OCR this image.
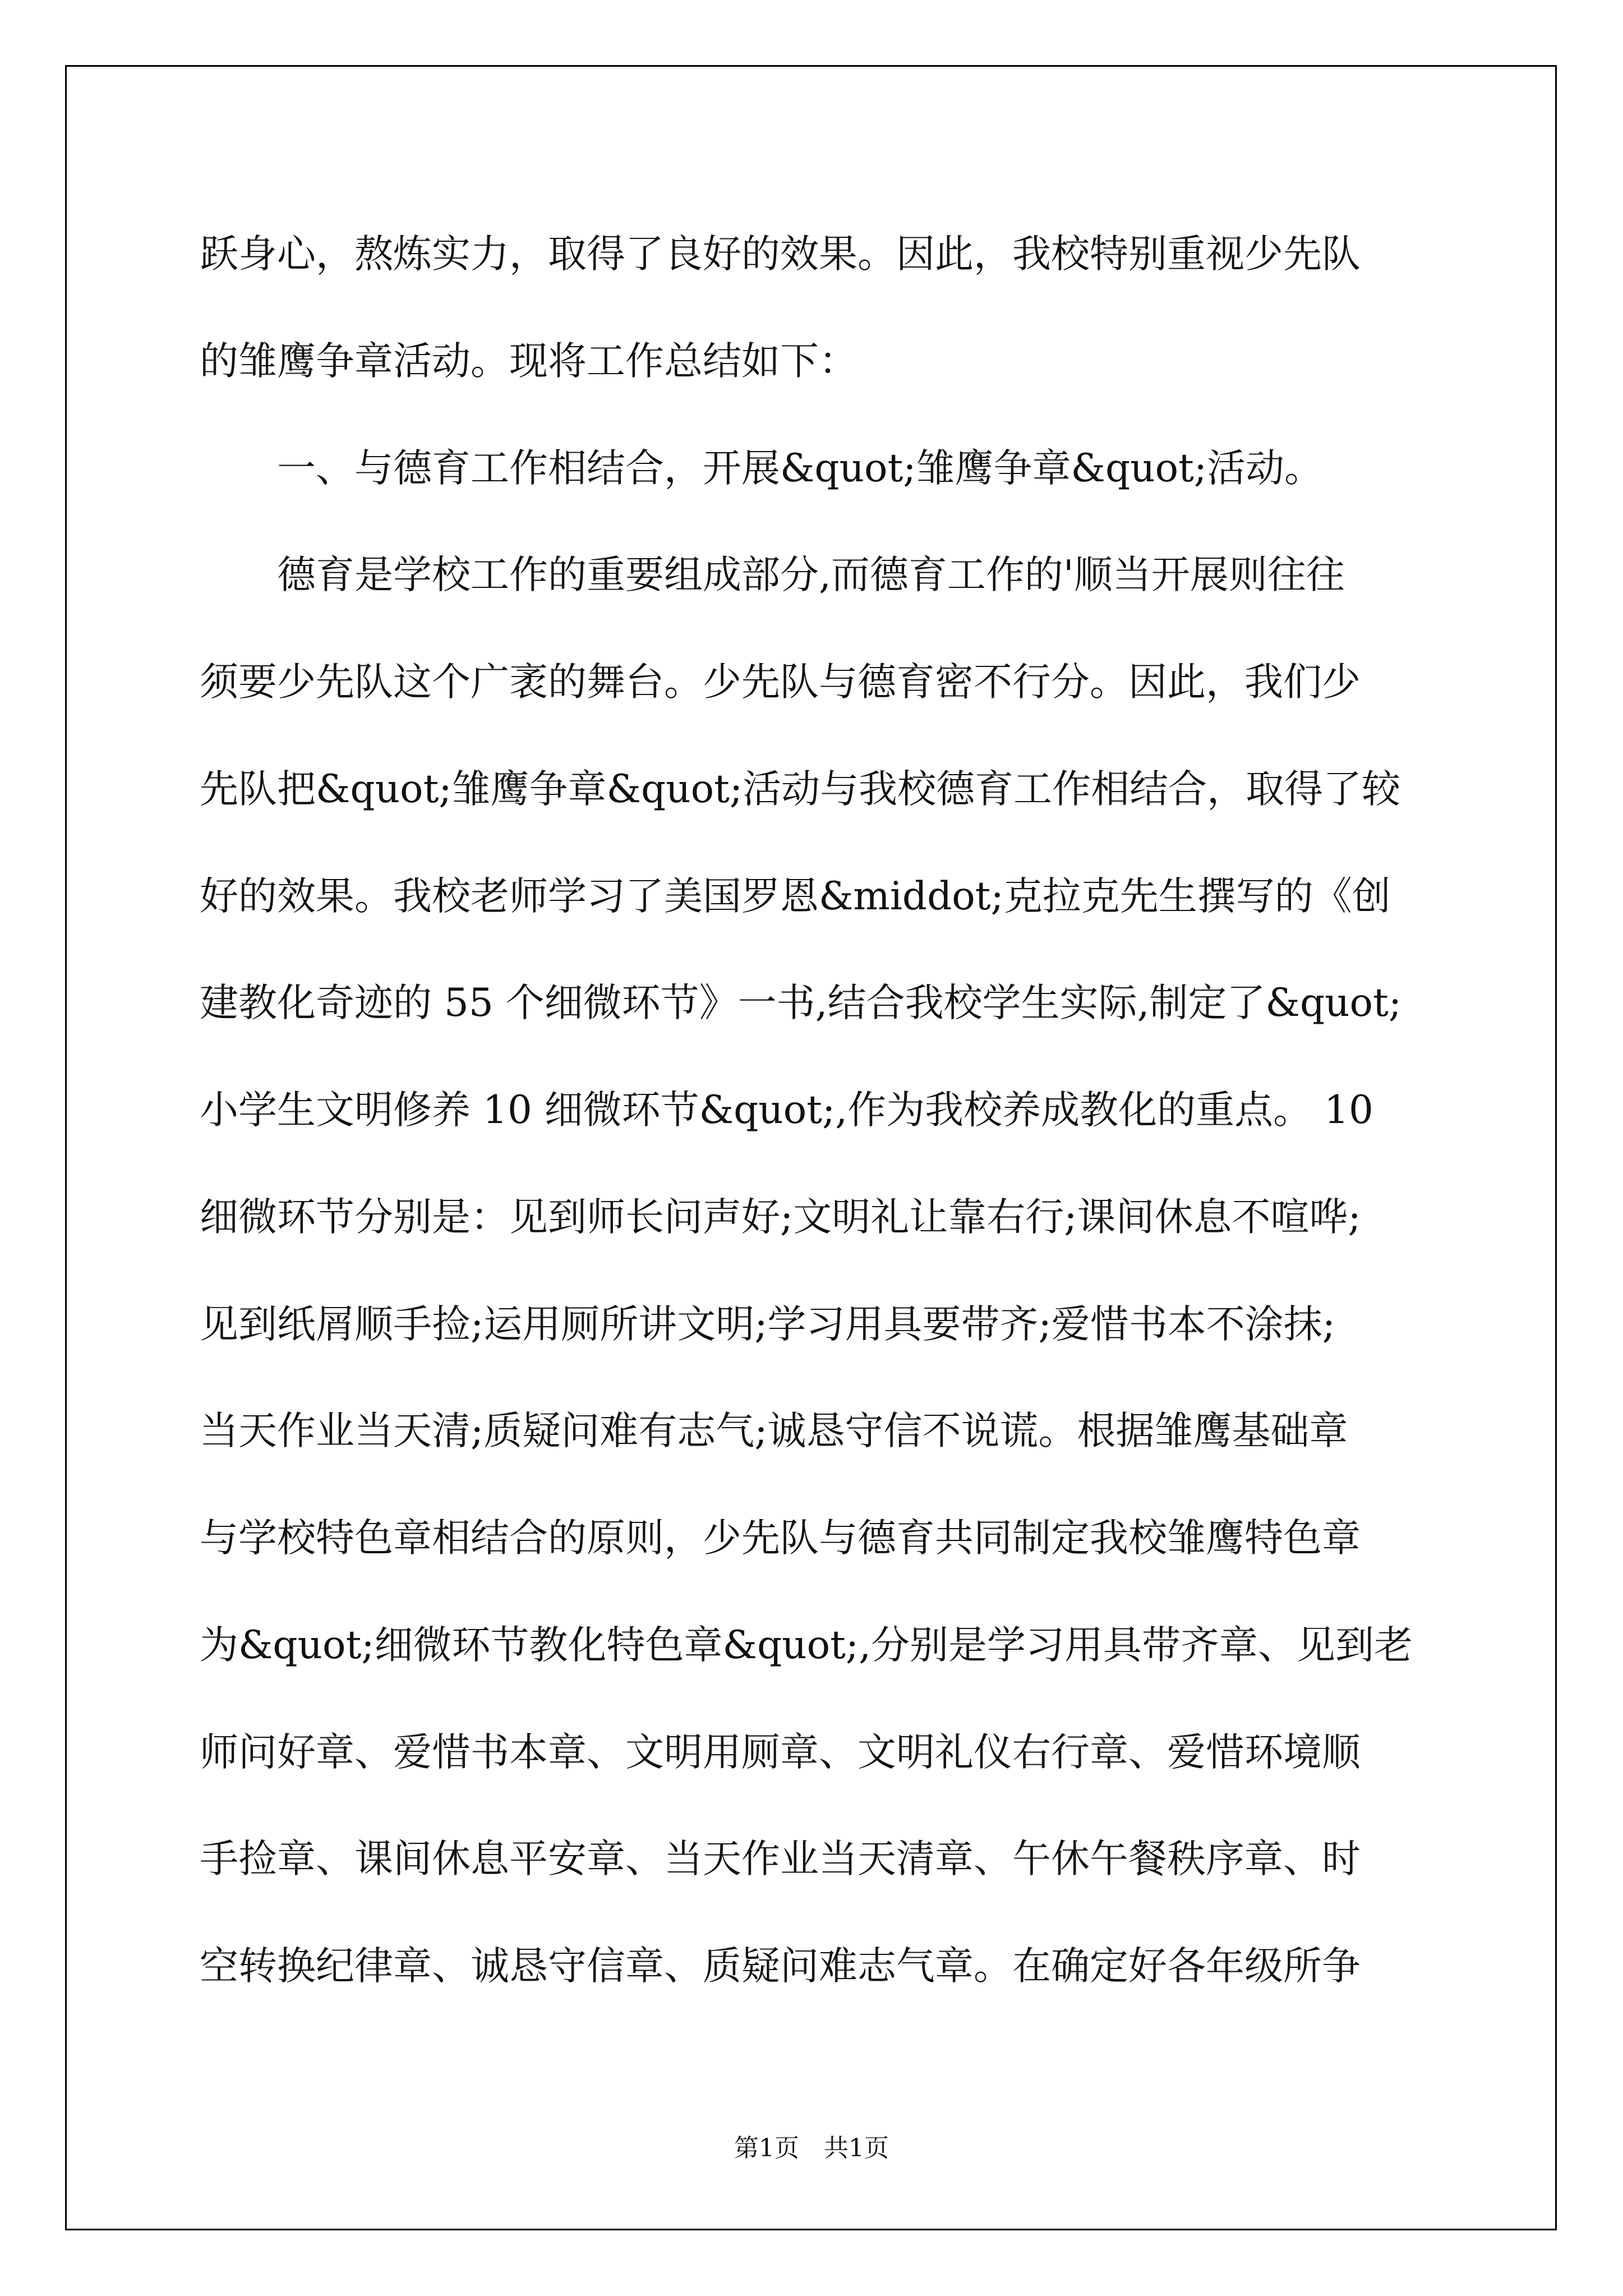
跃身心，熬炼实力，取得了良好的效果。因此，我校特别重视少先队

的雏鹰争章活动。现将工作总结如下：

一、与德育工作相结合，开展&quot;雏鹰争章&quot;活动。

德育是学校工作的重要组成部分,而德育工作的'顺当开展则往往

须要少先队这个广袤的舞台。少先队与德育密不行分。因此，我们少

先队把&quot;雏鹰争章&quot;活动与我校德育工作相结合，取得了较

好的效果。我校老师学习了美国罗恩&middot;克拉克先生撰写的《创

建教化奇迹的 55 个细微环节》一书,结合我校学生实际,制定了&quot;

小学生文明修养 10 细微环节&quot;,作为我校养成教化的重点。 10

细微环节分别是：见到师长问声好;文明礼让靠右行;课间休息不喧哗;

见到纸屑顺手捡;运用厕所讲文明;学习用具要带齐;爱惜书本不涂抹;

当天作业当天清;质疑问难有志气;诚恳守信不说谎。根据雏鹰基础章

与学校特色章相结合的原则，少先队与德育共同制定我校雏鹰特色章

为&quot;细微环节教化特色章&quot;,分别是学习用具带齐章、见到老

师问好章、爱惜书本章、文明用厕章、文明礼仪右行章、爱惜环境顺

手捡章、课间休息平安章、当天作业当天清章、午休午餐秩序章、时

空转换纪律章、诚恳守信章、质疑问难志气章。在确定好各年级所争

第1页　共1页
